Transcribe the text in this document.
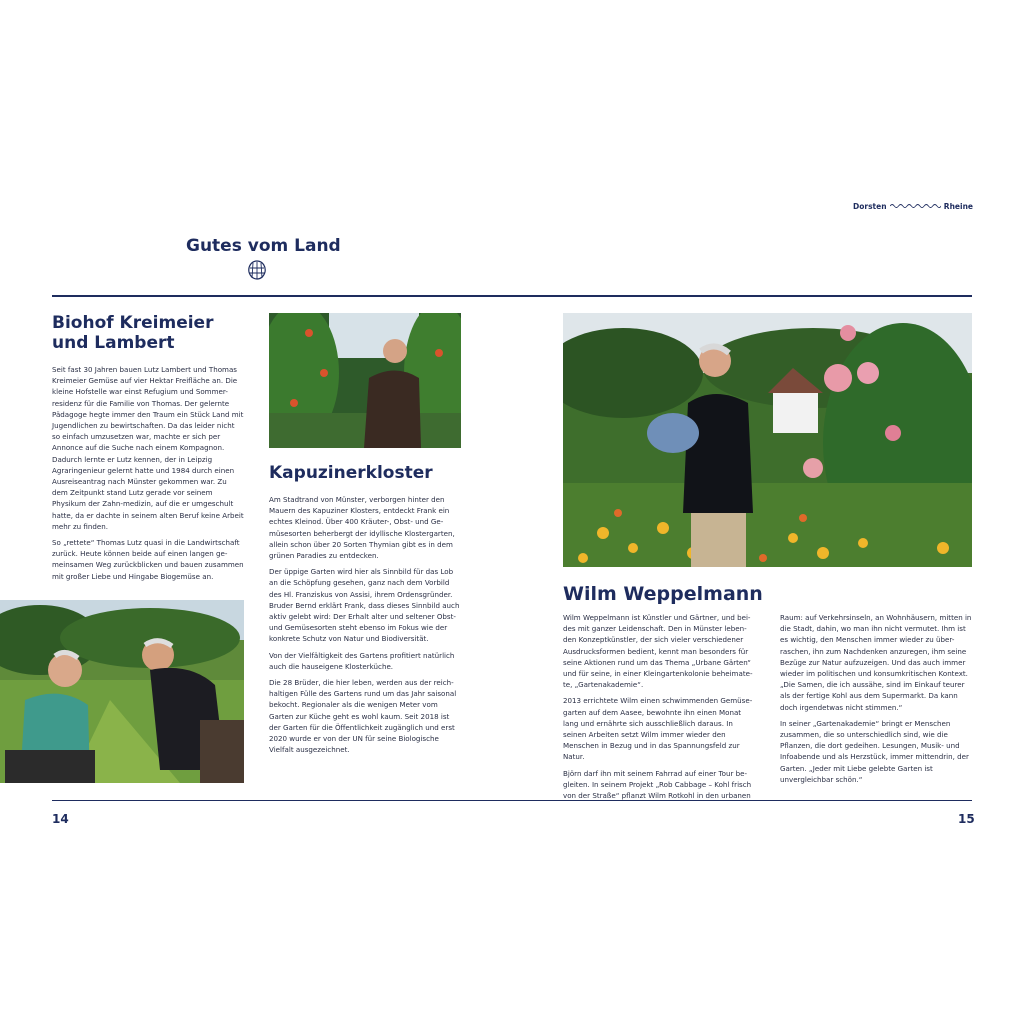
Dorsten	Rheine
Gutes vom Land
Biohof Kreimeier
und Lambert

Seit fast 30 Jahren bauen Lutz Lambert und Thomas Kreimeier Gemüse auf vier Hektar Freifläche an. Die kleine Hofstelle war einst Refugium und Sommer-residenz für die Familie von Thomas. Der gelernte Pädagoge hegte immer den Traum ein Stück Land mit Jugendlichen zu bewirtschaften. Da das leider nicht so einfach umzusetzen war, machte er sich per Annonce auf die Suche nach einem Kompagnon. Dadurch lernte er Lutz kennen, der in Leipzig Agraringenieur gelernt hatte und 1984 durch einen Ausreiseantrag nach Münster gekommen war. Zu dem Zeitpunkt stand Lutz gerade vor seinem Physikum der Zahn-medizin, auf die er umgeschult hatte, da er dachte in seinem alten Beruf keine Arbeit mehr zu finden.

So „rettete“ Thomas Lutz quasi in die Landwirtschaft zurück. Heute können beide auf einen langen ge-meinsamen Weg zurückblicken und bauen zusammen mit großer Liebe und Hingabe Biogemüse an.

Kapuzinerkloster

Am Stadtrand von Münster, verborgen hinter den Mauern des Kapuziner Klosters, entdeckt Frank ein echtes Kleinod. Über 400 Kräuter-, Obst- und Ge-müsesorten beherbergt der idyllische Klostergarten, allein schon über 20 Sorten Thymian gibt es in dem grünen Paradies zu entdecken.

Der üppige Garten wird hier als Sinnbild für das Lob an die Schöpfung gesehen, ganz nach dem Vorbild des Hl. Franziskus von Assisi, ihrem Ordensgründer. Bruder Bernd erklärt Frank, dass dieses Sinnbild auch aktiv gelebt wird: Der Erhalt alter und seltener Obst- und Gemüsesorten steht ebenso im Fokus wie der konkrete Schutz von Natur und Biodiversität.

Von der Vielfältigkeit des Gartens profitiert natürlich auch die hauseigene Klosterküche.

Die 28 Brüder, die hier leben, werden aus der reich-haltigen Fülle des Gartens rund um das Jahr saisonal bekocht. Regionaler als die wenigen Meter vom Garten zur Küche geht es wohl kaum. Seit 2018 ist der Garten für die Öffentlichkeit zugänglich und erst 2020 wurde er von der UN für seine Biologische Vielfalt ausgezeichnet.

Wilm Weppelmann

Wilm Weppelmann ist Künstler und Gärtner, und bei-des mit ganzer Leidenschaft. Den in Münster leben-den Konzeptkünstler, der sich vieler verschiedener Ausdrucksformen bedient, kennt man besonders für seine Aktionen rund um das Thema „Urbane Gärten“ und für seine, in einer Kleingartenkolonie beheimate-te, „Gartenakademie“.

2013 errichtete Wilm einen schwimmenden Gemüse-garten auf dem Aasee, bewohnte ihn einen Monat lang und ernährte sich ausschließlich daraus. In seinen Arbeiten setzt Wilm immer wieder den Menschen in Bezug und in das Spannungsfeld zur Natur.

Björn darf ihn mit seinem Fahrrad auf einer Tour be-gleiten. In seinem Projekt „Rob Cabbage – Kohl frisch von der Straße“ pflanzt Wilm Rotkohl in den urbanen

Raum: auf Verkehrsinseln, an Wohnhäusern, mitten in die Stadt, dahin, wo man ihn nicht vermutet. Ihm ist es wichtig, den Menschen immer wieder zu über-raschen, ihn zum Nachdenken anzuregen, ihm seine Bezüge zur Natur aufzuzeigen. Und das auch immer wieder im politischen und konsumkritischen Kontext. „Die Samen, die ich aussähe, sind im Einkauf teurer als der fertige Kohl aus dem Supermarkt. Da kann doch irgendetwas nicht stimmen.“

In seiner „Gartenakademie“ bringt er Menschen zusammen, die so unterschiedlich sind, wie die Pflanzen, die dort gedeihen. Lesungen, Musik- und Infoabende und als Herzstück, immer mittendrin, der Garten. „Jeder mit Liebe gelebte Garten ist unvergleichbar schön.“

14	15
